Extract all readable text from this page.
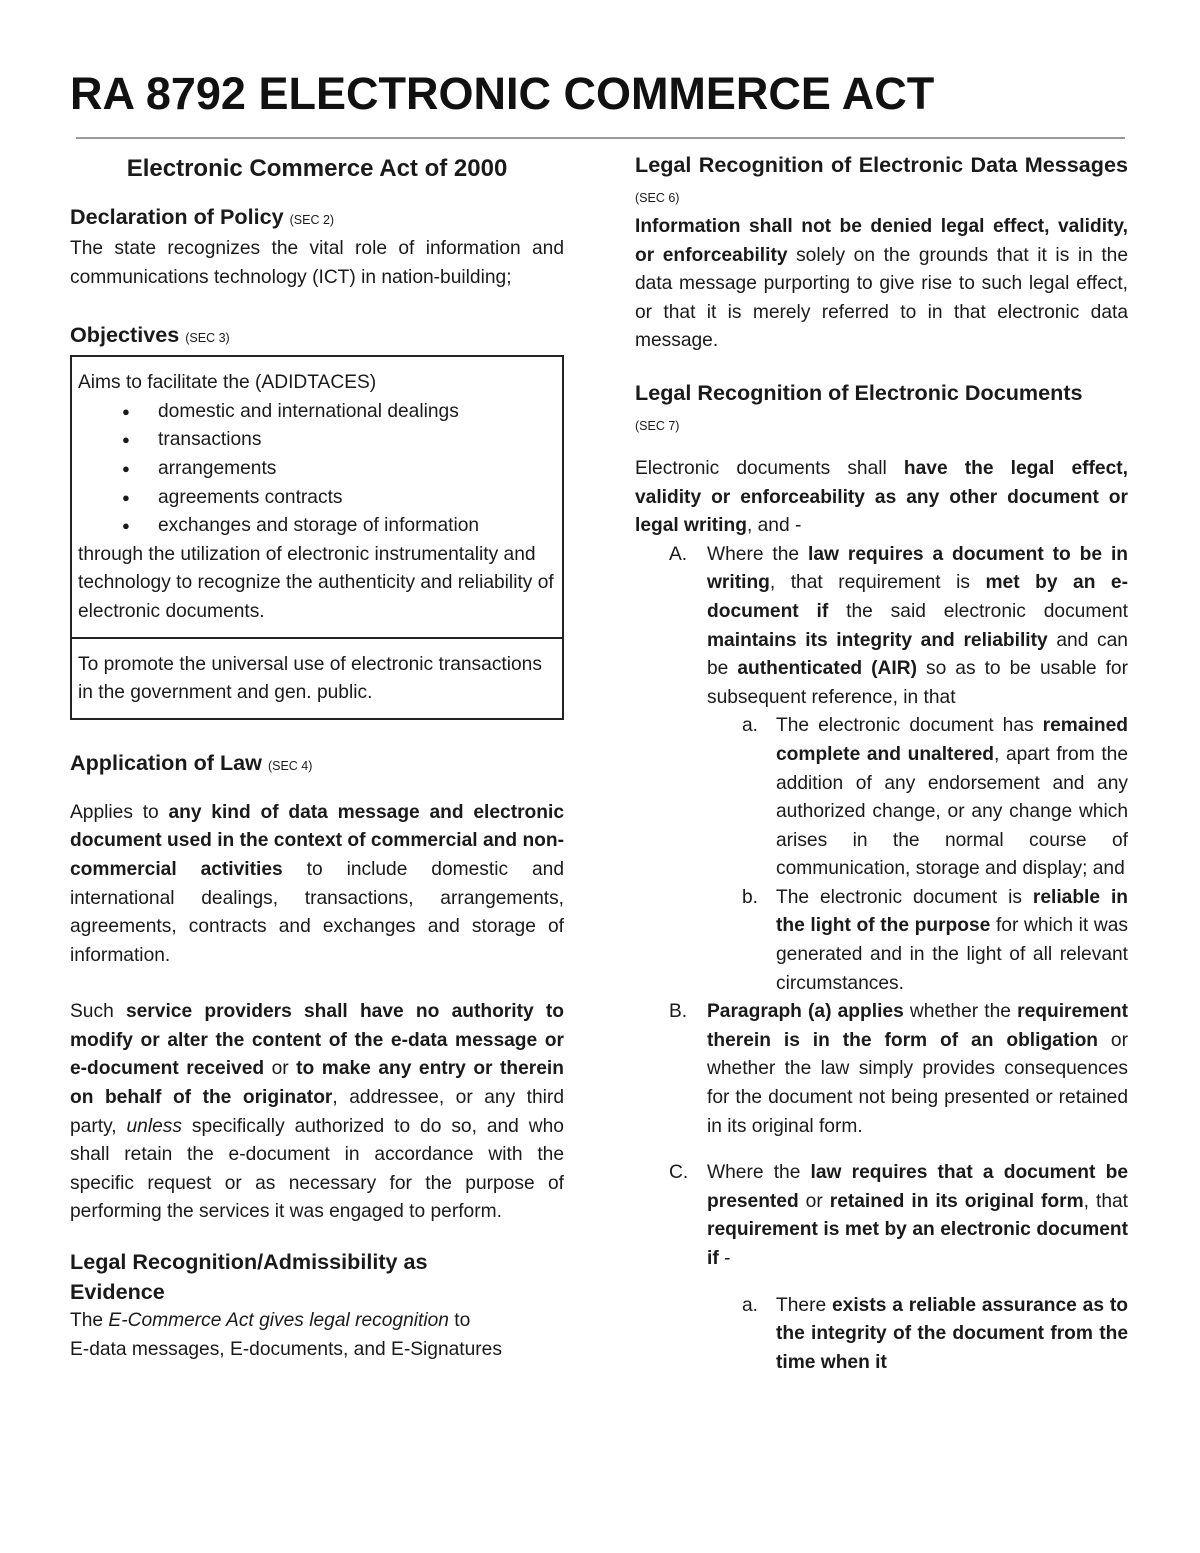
RA 8792 ELECTRONIC COMMERCE ACT

Electronic Commerce Act of 2000

Declaration of Policy (SEC 2)

The state recognizes the vital role of information and communications technology (ICT) in nation-building;

Objectives (SEC 3)

Aims to facilitate the (ADIDTACES)

● domestic and international dealings
● transactions
● arrangements
● agreements contracts
● exchanges and storage of information

through the utilization of electronic instrumentality and technology to recognize the authenticity and reliability of electronic documents.

To promote the universal use of electronic transactions in the government and gen. public.

Application of Law (SEC 4)

Applies to any kind of data message and electronic document used in the context of commercial and non-commercial activities to include domestic and international dealings, transactions, arrangements, agreements, contracts and exchanges and storage of information.

Such service providers shall have no authority to modify or alter the content of the e-data message or e-document received or to make any entry or therein on behalf of the originator, addressee, or any third party, unless specifically authorized to do so, and who shall retain the e-document in accordance with the specific request or as necessary for the purpose of performing the services it was engaged to perform.

Legal Recognition/Admissibility as
Evidence

The E-Commerce Act gives legal recognition to
E-data messages, E-documents, and E-Signatures

Legal Recognition of Electronic Data Messages (SEC 6)

Information shall not be denied legal effect, validity, or enforceability solely on the grounds that it is in the data message purporting to give rise to such legal effect, or that it is merely referred to in that electronic data message.

Legal Recognition of Electronic Documents
(SEC 7)

Electronic documents shall have the legal effect, validity or enforceability as any other document or legal writing, and -

A. Where the law requires a document to be in writing, that requirement is met by an e-document if the said electronic document maintains its integrity and reliability and can be authenticated (AIR) so as to be usable for subsequent reference, in that
a. The electronic document has remained complete and unaltered, apart from the addition of any endorsement and any authorized change, or any change which arises in the normal course of communication, storage and display; and
b. The electronic document is reliable in the light of the purpose for which it was generated and in the light of all relevant circumstances.
B. Paragraph (a) applies whether the requirement therein is in the form of an obligation or whether the law simply provides consequences for the document not being presented or retained in its original form.
C. Where the law requires that a document be presented or retained in its original form, that requirement is met by an electronic document if -
a. There exists a reliable assurance as to the integrity of the document from the time when it
